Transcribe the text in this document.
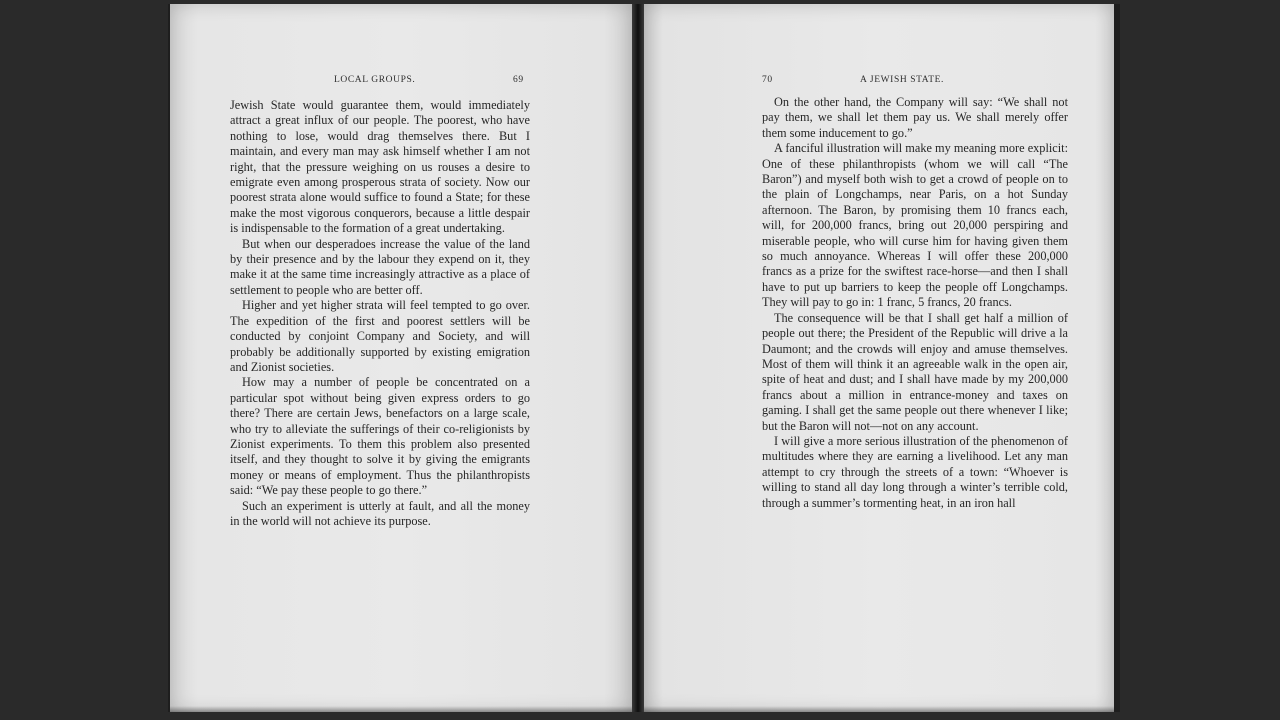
LOCAL GROUPS.	69

Jewish State would guarantee them, would immediately attract a great influx of our people. The poorest, who have nothing to lose, would drag themselves there. But I maintain, and every man may ask himself whether I am not right, that the pressure weighing on us rouses a desire to emigrate even among prosperous strata of society. Now our poorest strata alone would suffice to found a State; for these make the most vigorous conquerors, because a little despair is indispensable to the formation of a great undertaking.

But when our desperadoes increase the value of the land by their presence and by the labour they expend on it, they make it at the same time increasingly attractive as a place of settlement to people who are better off.

Higher and yet higher strata will feel tempted to go over. The expedition of the first and poorest settlers will be conducted by conjoint Company and Society, and will probably be additionally supported by existing emigration and Zionist societies.

How may a number of people be concentrated on a particular spot without being given express orders to go there? There are certain Jews, benefactors on a large scale, who try to alleviate the sufferings of their co-religionists by Zionist experiments. To them this problem also presented itself, and they thought to solve it by giving the emigrants money or means of employment. Thus the philanthropists said: “We pay these people to go there.”

Such an experiment is utterly at fault, and all the money in the world will not achieve its purpose.

70	A JEWISH STATE.

On the other hand, the Company will say: “We shall not pay them, we shall let them pay us. We shall merely offer them some inducement to go.”

A fanciful illustration will make my meaning more explicit: One of these philanthropists (whom we will call “The Baron”) and myself both wish to get a crowd of people on to the plain of Longchamps, near Paris, on a hot Sunday afternoon. The Baron, by promising them 10 francs each, will, for 200,000 francs, bring out 20,000 perspiring and miserable people, who will curse him for having given them so much annoyance. Whereas I will offer these 200,000 francs as a prize for the swiftest race-horse—and then I shall have to put up barriers to keep the people off Longchamps. They will pay to go in: 1 franc, 5 francs, 20 francs.

The consequence will be that I shall get half a million of people out there; the President of the Republic will drive a la Daumont; and the crowds will enjoy and amuse themselves. Most of them will think it an agreeable walk in the open air, spite of heat and dust; and I shall have made by my 200,000 francs about a million in entrance-money and taxes on gaming. I shall get the same people out there whenever I like; but the Baron will not—not on any account.

I will give a more serious illustration of the phenomenon of multitudes where they are earning a livelihood. Let any man attempt to cry through the streets of a town: “Whoever is willing to stand all day long through a winter’s terrible cold, through a summer’s tormenting heat, in an iron hall
